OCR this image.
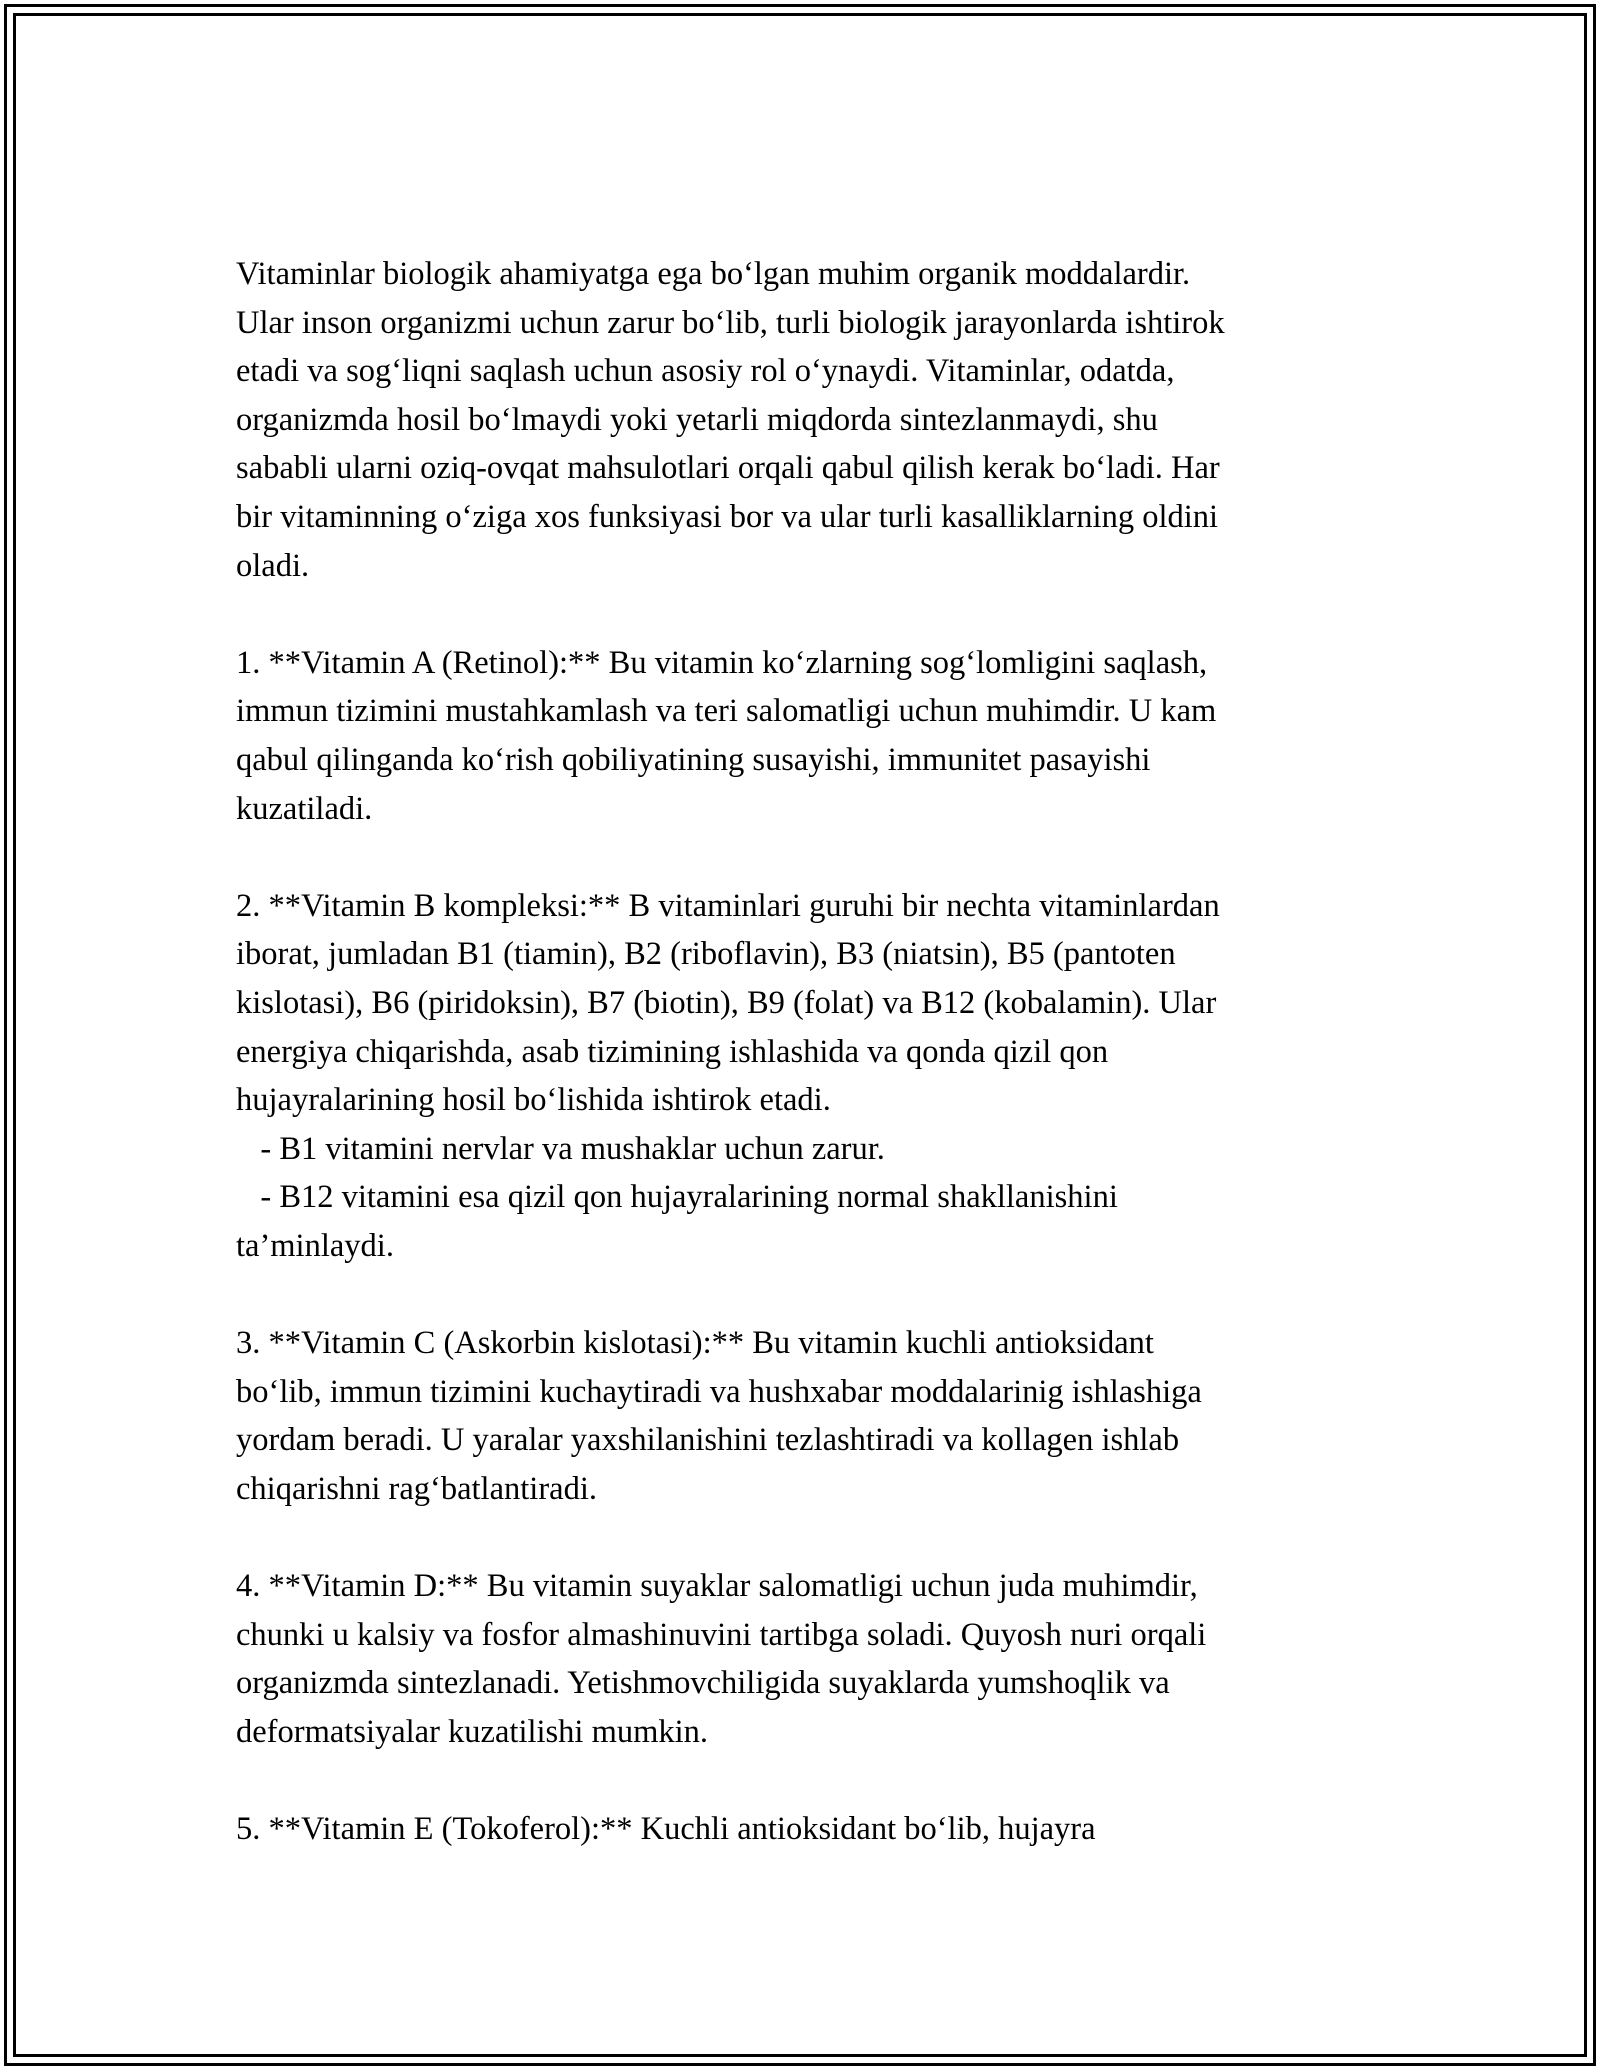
Vitaminlar biologik ahamiyatga ega bo‘lgan muhim organik moddalardir.
Ular inson organizmi uchun zarur bo‘lib, turli biologik jarayonlarda ishtirok
etadi va sog‘liqni saqlash uchun asosiy rol o‘ynaydi. Vitaminlar, odatda,
organizmda hosil bo‘lmaydi yoki yetarli miqdorda sintezlanmaydi, shu
sababli ularni oziq-ovqat mahsulotlari orqali qabul qilish kerak bo‘ladi. Har
bir vitaminning o‘ziga xos funksiyasi bor va ular turli kasalliklarning oldini
oladi.
1. **Vitamin A (Retinol):** Bu vitamin ko‘zlarning sog‘lomligini saqlash,
immun tizimini mustahkamlash va teri salomatligi uchun muhimdir. U kam
qabul qilinganda ko‘rish qobiliyatining susayishi, immunitet pasayishi
kuzatiladi.
2. **Vitamin B kompleksi:** B vitaminlari guruhi bir nechta vitaminlardan
iborat, jumladan B1 (tiamin), B2 (riboflavin), B3 (niatsin), B5 (pantoten
kislotasi), B6 (piridoksin), B7 (biotin), B9 (folat) va B12 (kobalamin). Ular
energiya chiqarishda, asab tizimining ishlashida va qonda qizil qon
hujayralarining hosil bo‘lishida ishtirok etadi.
- B1 vitamini nervlar va mushaklar uchun zarur.
- B12 vitamini esa qizil qon hujayralarining normal shakllanishini
ta’minlaydi.
3. **Vitamin C (Askorbin kislotasi):** Bu vitamin kuchli antioksidant
bo‘lib, immun tizimini kuchaytiradi va hushxabar moddalarinig ishlashiga
yordam beradi. U yaralar yaxshilanishini tezlashtiradi va kollagen ishlab
chiqarishni rag‘batlantiradi.
4. **Vitamin D:** Bu vitamin suyaklar salomatligi uchun juda muhimdir,
chunki u kalsiy va fosfor almashinuvini tartibga soladi. Quyosh nuri orqali
organizmda sintezlanadi. Yetishmovchiligida suyaklarda yumshoqlik va
deformatsiyalar kuzatilishi mumkin.
5. **Vitamin E (Tokoferol):** Kuchli antioksidant bo‘lib, hujayra
